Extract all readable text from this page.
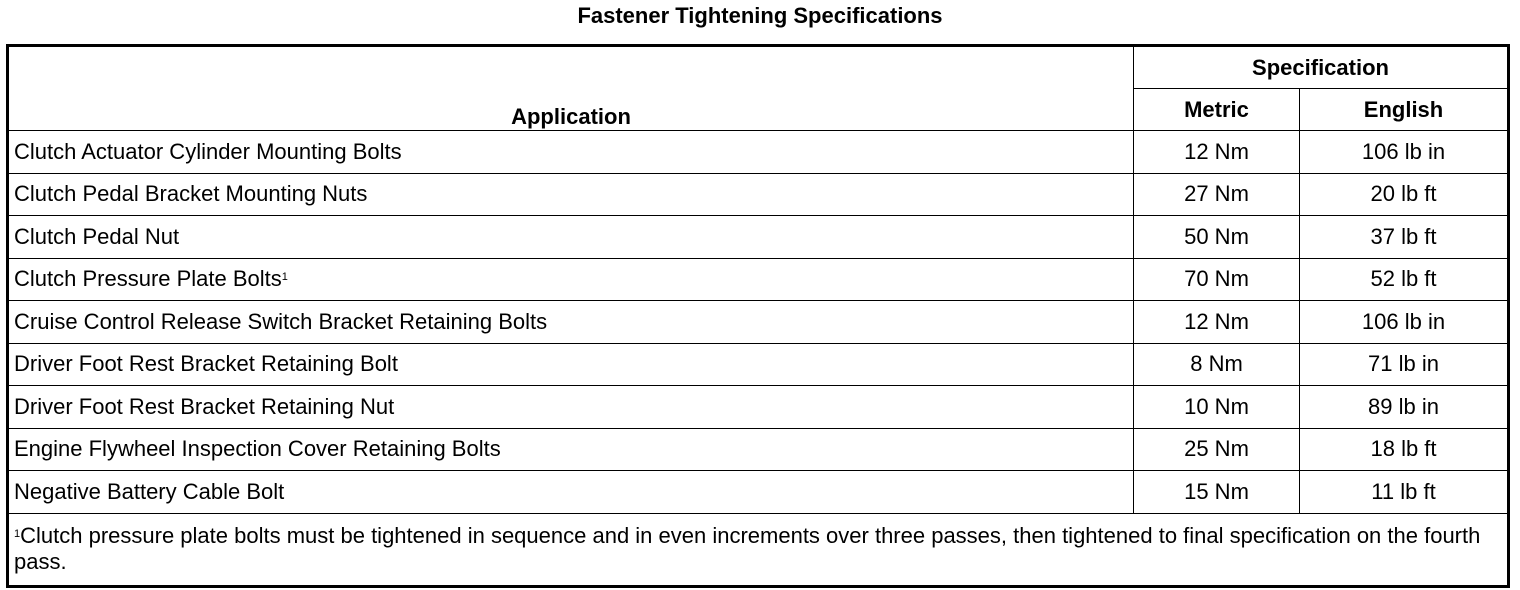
Fastener Tightening Specifications
Application	Specification	
	Metric	English
Clutch Actuator Cylinder Mounting Bolts	12 Nm	106 lb in
Clutch Pedal Bracket Mounting Nuts	27 Nm	20 lb ft
Clutch Pedal Nut	50 Nm	37 lb ft
Clutch Pressure Plate Bolts$^1$	70 Nm	52 lb ft
Cruise Control Release Switch Bracket Retaining Bolts	12 Nm	106 lb in
Driver Foot Rest Bracket Retaining Bolt	8 Nm	71 lb in
Driver Foot Rest Bracket Retaining Nut	10 Nm	89 lb in
Engine Flywheel Inspection Cover Retaining Bolts	25 Nm	18 lb ft
Negative Battery Cable Bolt	15 Nm	11 lb ft
$^1$Clutch pressure plate bolts must be tightened in sequence and in even increments over three passes, then tightened to final specification on the fourth pass.		
